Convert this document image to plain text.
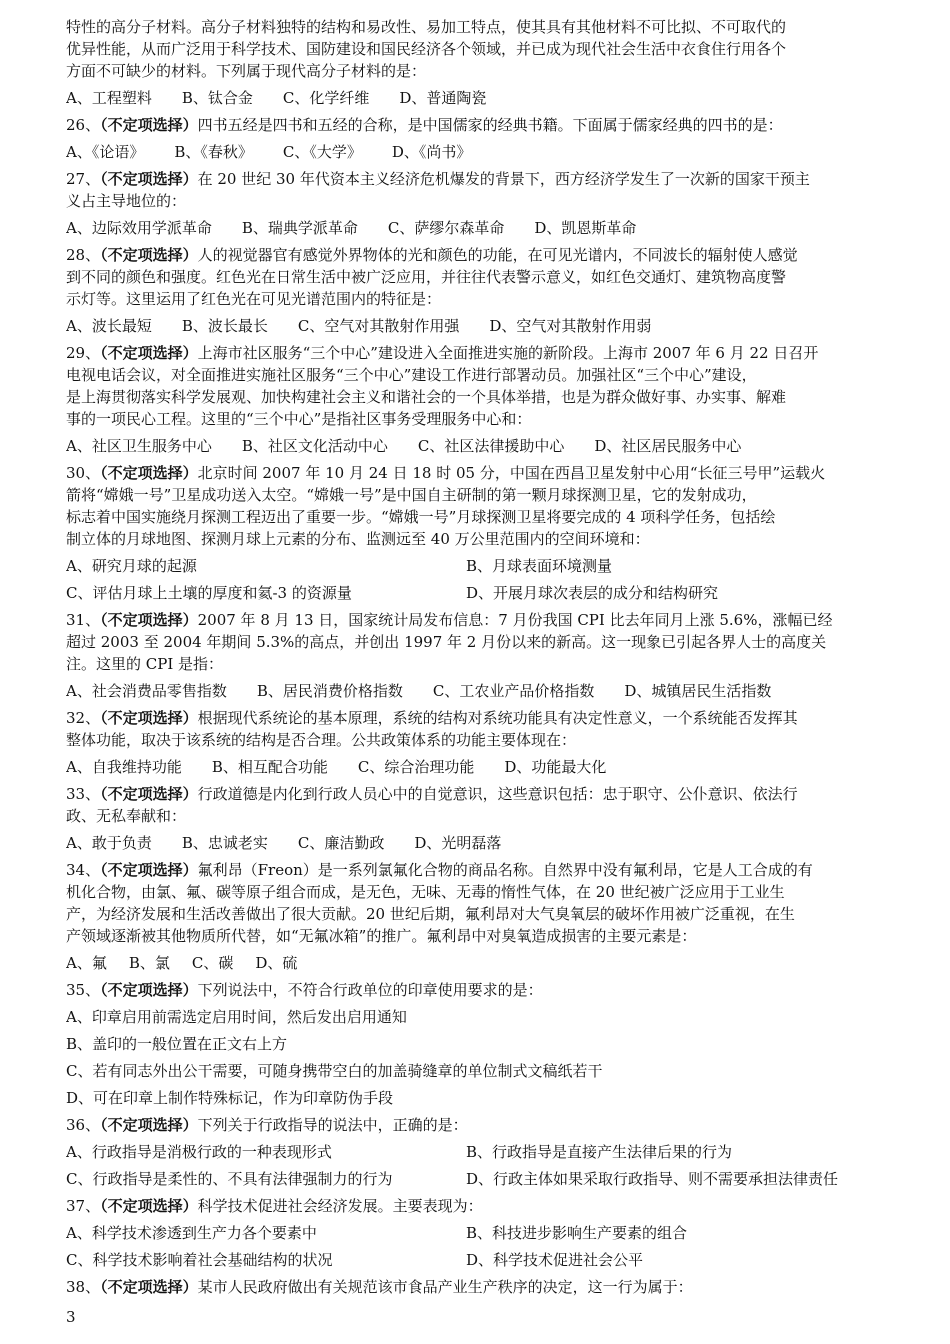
特性的高分子材料。高分子材料独特的结构和易改性、易加工特点，使其具有其他材料不可比拟、不可取代的
优异性能，从而广泛用于科学技术、国防建设和国民经济各个领域，并已成为现代社会生活中衣食住行用各个
方面不可缺少的材料。下列属于现代高分子材料的是：
A、工程塑料 B、钛合金 C、化学纤维 D、普通陶瓷
26、（不定项选择）四书五经是四书和五经的合称，是中国儒家的经典书籍。下面属于儒家经典的四书的是：
A、《论语》 B、《春秋》 C、《大学》 D、《尚书》
27、（不定项选择）在 20 世纪 30 年代资本主义经济危机爆发的背景下，西方经济学发生了一次新的国家干预主
义占主导地位的：
A、边际效用学派革命 B、瑞典学派革命 C、萨缪尔森革命 D、凯恩斯革命
28、（不定项选择）人的视觉器官有感觉外界物体的光和颜色的功能，在可见光谱内，不同波长的辐射使人感觉
到不同的颜色和强度。红色光在日常生活中被广泛应用，并往往代表警示意义，如红色交通灯、建筑物高度警
示灯等。这里运用了红色光在可见光谱范围内的特征是：
A、波长最短 B、波长最长 C、空气对其散射作用强 D、空气对其散射作用弱
29、（不定项选择）上海市社区服务“三个中心”建设进入全面推进实施的新阶段。上海市 2007 年 6 月 22 日召开
电视电话会议，对全面推进实施社区服务“三个中心”建设工作进行部署动员。加强社区“三个中心”建设，
是上海贯彻落实科学发展观、加快构建社会主义和谐社会的一个具体举措，也是为群众做好事、办实事、解难
事的一项民心工程。这里的“三个中心”是指社区事务受理服务中心和：
A、社区卫生服务中心 B、社区文化活动中心 C、社区法律援助中心 D、社区居民服务中心
30、（不定项选择）北京时间 2007 年 10 月 24 日 18 时 05 分，中国在西昌卫星发射中心用“长征三号甲”运载火
箭将“嫦娥一号”卫星成功送入太空。“嫦娥一号”是中国自主研制的第一颗月球探测卫星，它的发射成功，
标志着中国实施绕月探测工程迈出了重要一步。“嫦娥一号”月球探测卫星将要完成的 4 项科学任务，包括绘
制立体的月球地图、探测月球上元素的分布、监测远至 40 万公里范围内的空间环境和：
A、研究月球的起源	B、月球表面环境测量
C、评估月球上土壤的厚度和氦-3 的资源量	D、开展月球次表层的成分和结构研究
31、（不定项选择）2007 年 8 月 13 日，国家统计局发布信息：7 月份我国 CPI 比去年同月上涨 5.6%，涨幅已经
超过 2003 至 2004 年期间 5.3%的高点，并创出 1997 年 2 月份以来的新高。这一现象已引起各界人士的高度关
注。这里的 CPI 是指：
A、社会消费品零售指数 B、居民消费价格指数 C、工农业产品价格指数 D、城镇居民生活指数
32、（不定项选择）根据现代系统论的基本原理，系统的结构对系统功能具有决定性意义，一个系统能否发挥其
整体功能，取决于该系统的结构是否合理。公共政策体系的功能主要体现在：
A、自我维持功能 B、相互配合功能 C、综合治理功能 D、功能最大化
33、（不定项选择）行政道德是内化到行政人员心中的自觉意识，这些意识包括：忠于职守、公仆意识、依法行
政、无私奉献和：
A、敢于负责 B、忠诚老实 C、廉洁勤政 D、光明磊落
34、（不定项选择）氟利昂（Freon）是一系列氯氟化合物的商品名称。自然界中没有氟利昂，它是人工合成的有
机化合物，由氯、氟、碳等原子组合而成，是无色，无味、无毒的惰性气体，在 20 世纪被广泛应用于工业生
产，为经济发展和生活改善做出了很大贡献。20 世纪后期，氟利昂对大气臭氧层的破坏作用被广泛重视，在生
产领域逐渐被其他物质所代替，如“无氟冰箱”的推广。氟利昂中对臭氧造成损害的主要元素是：
A、氟 B、氯 C、碳 D、硫
35、（不定项选择）下列说法中，不符合行政单位的印章使用要求的是：
A、印章启用前需选定启用时间，然后发出启用通知
B、盖印的一般位置在正文右上方
C、若有同志外出公干需要，可随身携带空白的加盖骑缝章的单位制式文稿纸若干
D、可在印章上制作特殊标记，作为印章防伪手段
36、（不定项选择）下列关于行政指导的说法中，正确的是：
A、行政指导是消极行政的一种表现形式	B、行政指导是直接产生法律后果的行为
C、行政指导是柔性的、不具有法律强制力的行为	D、行政主体如果采取行政指导、则不需要承担法律责任
37、（不定项选择）科学技术促进社会经济发展。主要表现为：
A、科学技术渗透到生产力各个要素中	B、科技进步影响生产要素的组合
C、科学技术影响着社会基础结构的状况	D、科学技术促进社会公平
38、（不定项选择）某市人民政府做出有关规范该市食品产业生产秩序的决定，这一行为属于：
3
